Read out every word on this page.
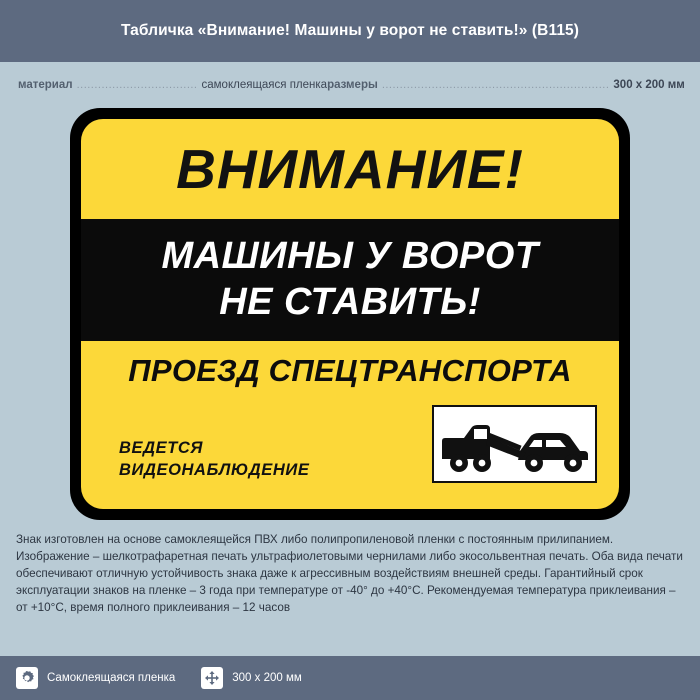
Табличка «Внимание! Машины у ворот не ставить!» (B115)
материал .................................. самоклеящаяся пленка размеры ................................................................ 300 x 200 мм
ВНИМАНИЕ!
МАШИНЫ У ВОРОТ
НЕ СТАВИТЬ!
ПРОЕЗД СПЕЦТРАНСПОРТА
ВЕДЕТСЯ
ВИДЕОНАБЛЮДЕНИЕ
Знак изготовлен на основе самоклеящейся ПВХ либо полипропиленовой пленки с постоянным прилипанием. Изображение – шелкотрафаретная печать ультрафиолетовыми чернилами либо экосольвентная печать. Оба вида печати обеспечивают отличную устойчивость знака даже к агрессивным воздействиям внешней среды. Гарантийный срок эксплуатации знаков на пленке – 3 года при температуре от -40° до +40°С. Рекомендуемая температура приклеивания – от +10°С, время полного приклеивания – 12 часов
Самоклеящаяся пленка	300 x 200 мм
